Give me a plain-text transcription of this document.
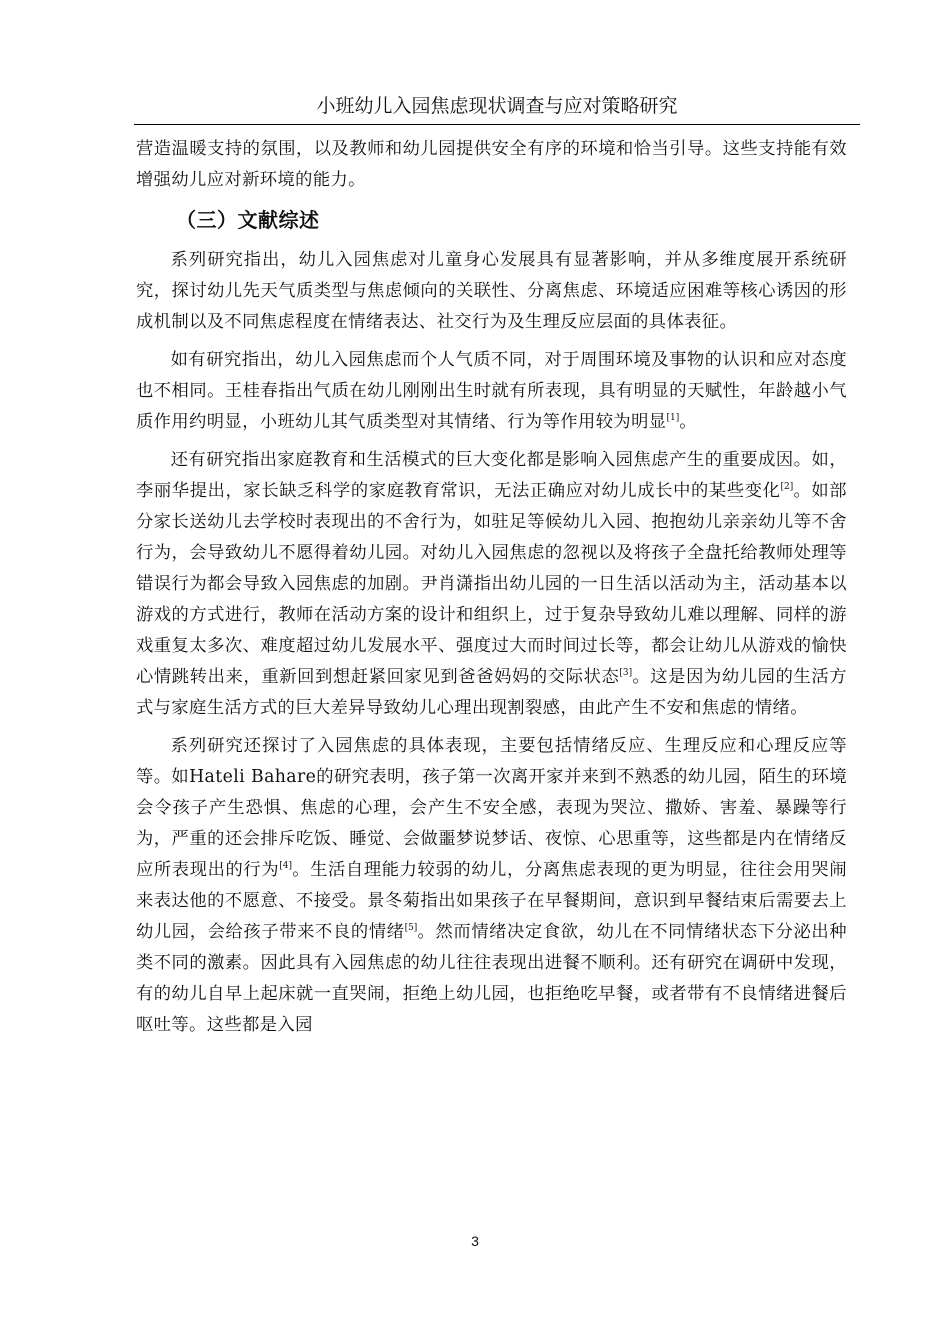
小班幼儿入园焦虑现状调查与应对策略研究

营造温暖支持的氛围，以及教师和幼儿园提供安全有序的环境和恰当引导。这些支持能有效增强幼儿应对新环境的能力。

（三）文献综述

系列研究指出，幼儿入园焦虑对儿童身心发展具有显著影响，并从多维度展开系统研究，探讨幼儿先天气质类型与焦虑倾向的关联性、分离焦虑、环境适应困难等核心诱因的形成机制以及不同焦虑程度在情绪表达、社交行为及生理反应层面的具体表征。

如有研究指出，幼儿入园焦虑而个人气质不同，对于周围环境及事物的认识和应对态度也不相同。王桂春指出气质在幼儿刚刚出生时就有所表现，具有明显的天赋性，年龄越小气质作用约明显，小班幼儿其气质类型对其情绪、行为等作用较为明显[1]。

还有研究指出家庭教育和生活模式的巨大变化都是影响入园焦虑产生的重要成因。如，李丽华提出，家长缺乏科学的家庭教育常识，无法正确应对幼儿成长中的某些变化[2]。如部分家长送幼儿去学校时表现出的不舍行为，如驻足等候幼儿入园、抱抱幼儿亲亲幼儿等不舍行为，会导致幼儿不愿得着幼儿园。对幼儿入园焦虑的忽视以及将孩子全盘托给教师处理等错误行为都会导致入园焦虑的加剧。尹肖潇指出幼儿园的一日生活以活动为主，活动基本以游戏的方式进行，教师在活动方案的设计和组织上，过于复杂导致幼儿难以理解、同样的游戏重复太多次、难度超过幼儿发展水平、强度过大而时间过长等，都会让幼儿从游戏的愉快心情跳转出来，重新回到想赶紧回家见到爸爸妈妈的交际状态[3]。这是因为幼儿园的生活方式与家庭生活方式的巨大差异导致幼儿心理出现割裂感，由此产生不安和焦虑的情绪。

系列研究还探讨了入园焦虑的具体表现，主要包括情绪反应、生理反应和心理反应等等。如Hateli Bahare的研究表明，孩子第一次离开家并来到不熟悉的幼儿园，陌生的环境会令孩子产生恐惧、焦虑的心理，会产生不安全感，表现为哭泣、撒娇、害羞、暴躁等行为，严重的还会排斥吃饭、睡觉、会做噩梦说梦话、夜惊、心思重等，这些都是内在情绪反应所表现出的行为[4]。生活自理能力较弱的幼儿，分离焦虑表现的更为明显，往往会用哭闹来表达他的不愿意、不接受。景冬菊指出如果孩子在早餐期间，意识到早餐结束后需要去上幼儿园，会给孩子带来不良的情绪[5]。然而情绪决定食欲，幼儿在不同情绪状态下分泌出种类不同的激素。因此具有入园焦虑的幼儿往往表现出进餐不顺利。还有研究在调研中发现，有的幼儿自早上起床就一直哭闹，拒绝上幼儿园，也拒绝吃早餐，或者带有不良情绪进餐后呕吐等。这些都是入园

3
